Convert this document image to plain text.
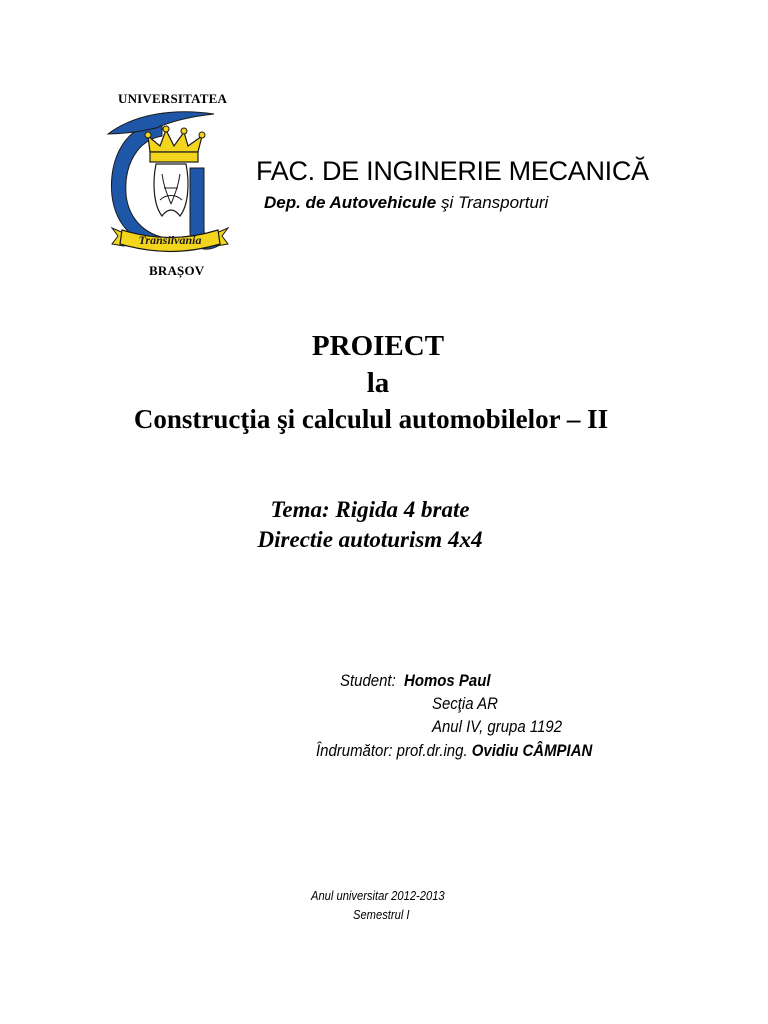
UNIVERSITATEA
Transilvania
BRAȘOV
FAC. DE INGINERIE MECANICĂ
Dep. de Autovehicule şi Transporturi
PROIECT
la
Construcţia şi calculul automobilelor – II
Tema: Rigida 4 brate
Directie autoturism 4x4
Student: Homos Paul
Secţia AR
Anul IV, grupa 1192
Îndrumător: prof.dr.ing. Ovidiu CÂMPIAN
Anul universitar 2012-2013
Semestrul I
